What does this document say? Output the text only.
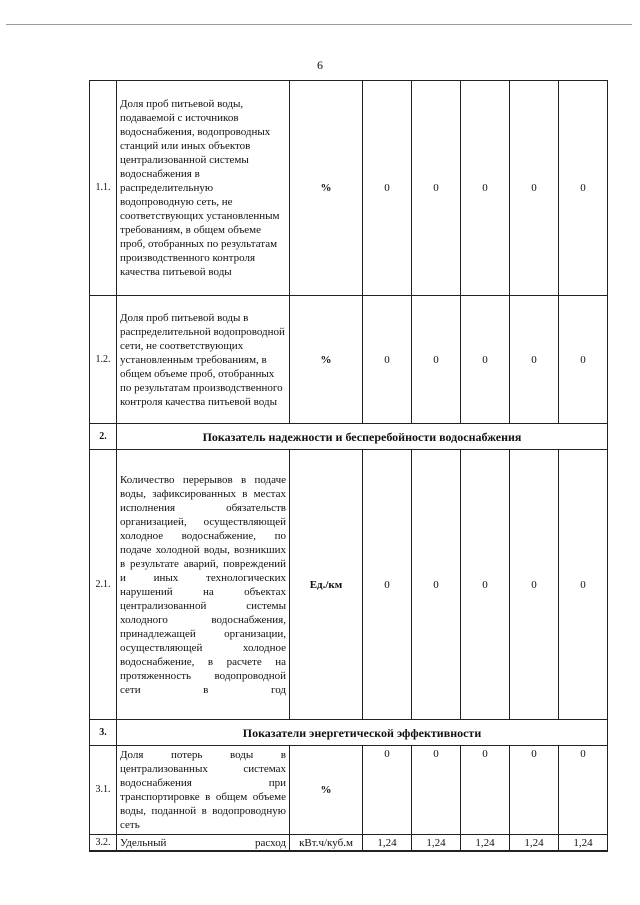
6
1.1.	Доля проб питьевой воды, подаваемой с источников водоснабжения, водопроводных станций или иных объектов централизованной системы водоснабжения в распределительную водопроводную сеть, не соответствующих установленным требованиям, в общем объеме проб, отобранных по результатам производственного контроля качества питьевой воды	%	0	0	0	0	0
1.2.	Доля проб питьевой воды в распределительной водопроводной сети, не соответствующих установленным требованиям, в общем объеме проб, отобранных по результатам производственного контроля качества питьевой воды	%	0	0	0	0	0
2.	Показатель надежности и бесперебойности водоснабжения						
2.1.	Количество перерывов в подаче воды, зафиксированных в местах исполнения обязательств организацией, осуществляющей холодное водоснабжение, по подаче холодной воды, возникших в результате аварий, повреждений и иных технологических нарушений на объектах централизованной системы холодного водоснабжения, принадлежащей организации, осуществляющей холодное водоснабжение, в расчете на протяженность водопроводной сети в год	Ед./км	0	0	0	0	0
3.	Показатели энергетической эффективности						
3.1.	Доля потерь воды в централизованных системах водоснабжения при транспортировке в общем объеме воды, поданной в водопроводную сеть	%	0	0	0	0	0
3.2.	Удельный расход	кВт.ч/куб.м	1,24	1,24	1,24	1,24	1,24
